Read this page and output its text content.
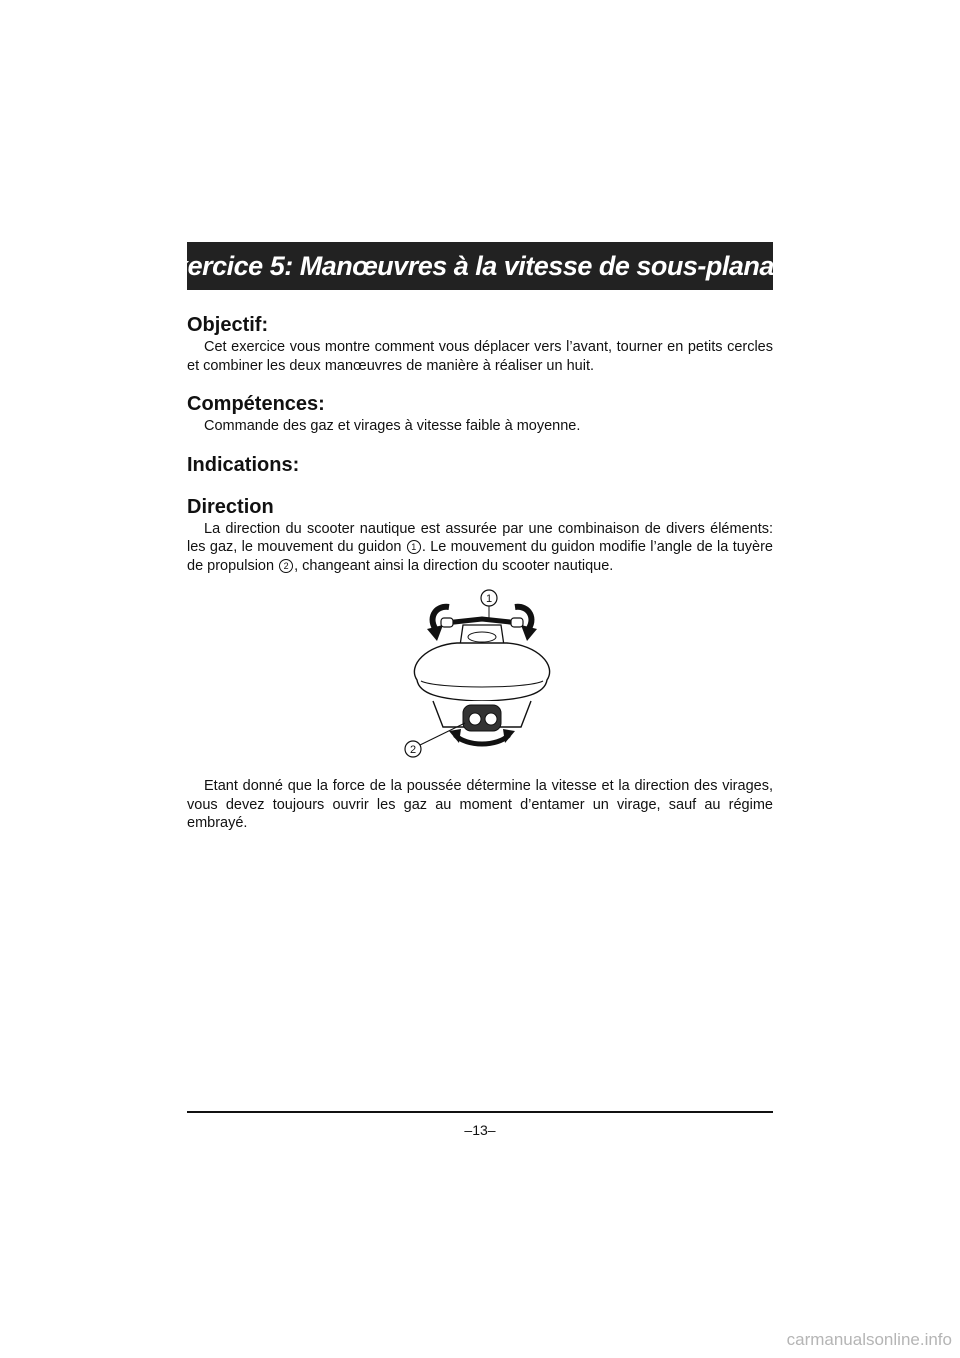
Exercice 5: Manœuvres à la vitesse de sous-planage
Objectif:

Cet exercice vous montre comment vous déplacer vers l’avant, tourner en petits cercles et combiner les deux manœuvres de manière à réaliser un huit.

Compétences:

Commande des gaz et virages à vitesse faible à moyenne.

Indications:
Direction

La direction du scooter nautique est assurée par une combinaison de divers éléments: les gaz, le mouvement du guidon 1 . Le mouvement du guidon modifie l’angle de la tuyère de propulsion 2 , changeant ainsi la direction du scooter nautique.

1
2

Etant donné que la force de la poussée détermine la vitesse et la direction des virages, vous devez toujours ouvrir les gaz au moment d’entamer un virage, sauf au régime embrayé.

–13–
carmanualsonline.info
